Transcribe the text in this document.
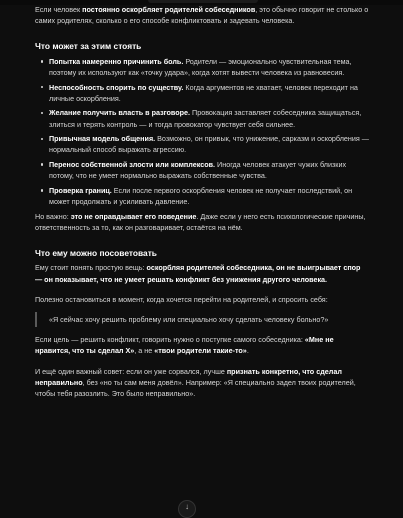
Если человек постоянно оскорбляет родителей собеседников, это обычно говорит не столько о самих родителях, сколько о его способе конфликтовать и задевать человека.

Что может за этим стоять
Попытка намеренно причинить боль. Родители — эмоционально чувствительная тема, поэтому их используют как «точку удара», когда хотят вывести человека из равновесия.
Неспособность спорить по существу. Когда аргументов не хватает, человек переходит на личные оскорбления.
Желание получить власть в разговоре. Провокация заставляет собеседника защищаться, злиться и терять контроль — и тогда провокатор чувствует себя сильнее.
Привычная модель общения. Возможно, он привык, что унижение, сарказм и оскорбления — нормальный способ выражать агрессию.
Перенос собственной злости или комплексов. Иногда человек атакует чужих близких потому, что не умеет нормально выражать собственные чувства.
Проверка границ. Если после первого оскорбления человек не получает последствий, он может продолжать и усиливать давление.

Но важно: это не оправдывает его поведение. Даже если у него есть психологические причины, ответственность за то, как он разговаривает, остаётся на нём.

Что ему можно посоветовать

Ему стоит понять простую вещь: оскорбляя родителей собеседника, он не выигрывает спор — он показывает, что не умеет решать конфликт без унижения другого человека.

Полезно остановиться в момент, когда хочется перейти на родителей, и спросить себя:

«Я сейчас хочу решить проблему или специально хочу сделать человеку больно?»

Если цель — решить конфликт, говорить нужно о поступке самого собеседника: «Мне не нравится, что ты сделал X», а не «твои родители такие-то».

И ещё один важный совет: если он уже сорвался, лучше признать конкретно, что сделал неправильно, без «но ты сам меня довёл». Например: «Я специально задел твоих родителей, чтобы тебя разозлить. Это было неправильно».

↓
